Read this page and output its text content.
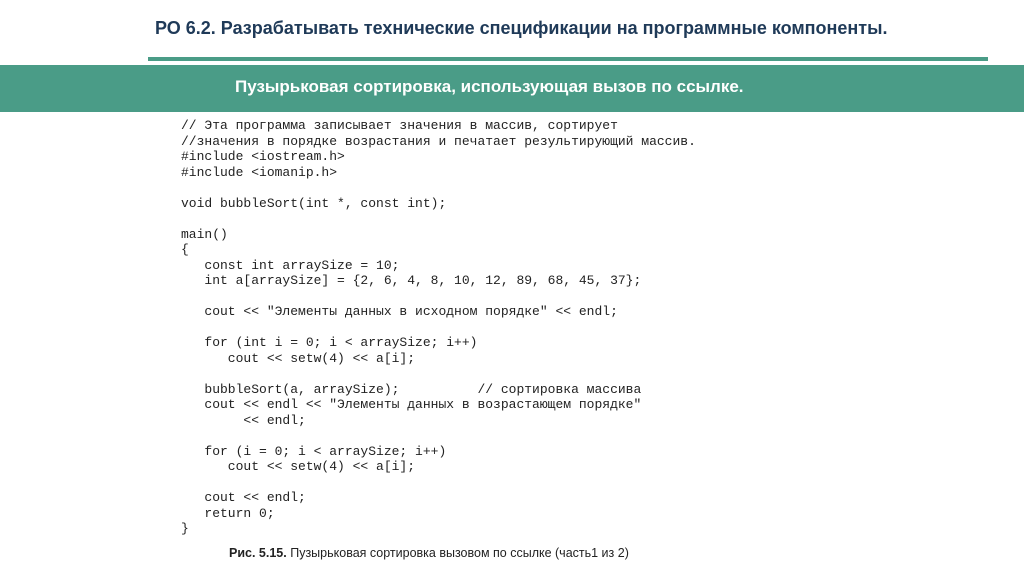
РО 6.2. Разрабатывать технические спецификации на программные компоненты.
Пузырьковая сортировка, использующая вызов по ссылке.
// Эта программа записывает значения в массив, сортирует
//значения в порядке возрастания и печатает результирующий массив.
#include <iostream.h>
#include <iomanip.h>
void bubbleSort(int *, const int);
main()
{
const int arraySize = 10;
int a[arraySize] = {2, 6, 4, 8, 10, 12, 89, 68, 45, 37};
cout << "Элементы данных в исходном порядке" << endl;
for (int i = 0; i < arraySize; i++)
cout << setw(4) << a[i];
bubbleSort(a, arraySize);          // сортировка массива
cout << endl << "Элементы данных в возрастающем порядке"
<< endl;
for (i = 0; i < arraySize; i++)
cout << setw(4) << a[i];
cout << endl;
return 0;
}
Рис. 5.15. Пузырьковая сортировка вызовом по ссылке (часть1 из 2)
